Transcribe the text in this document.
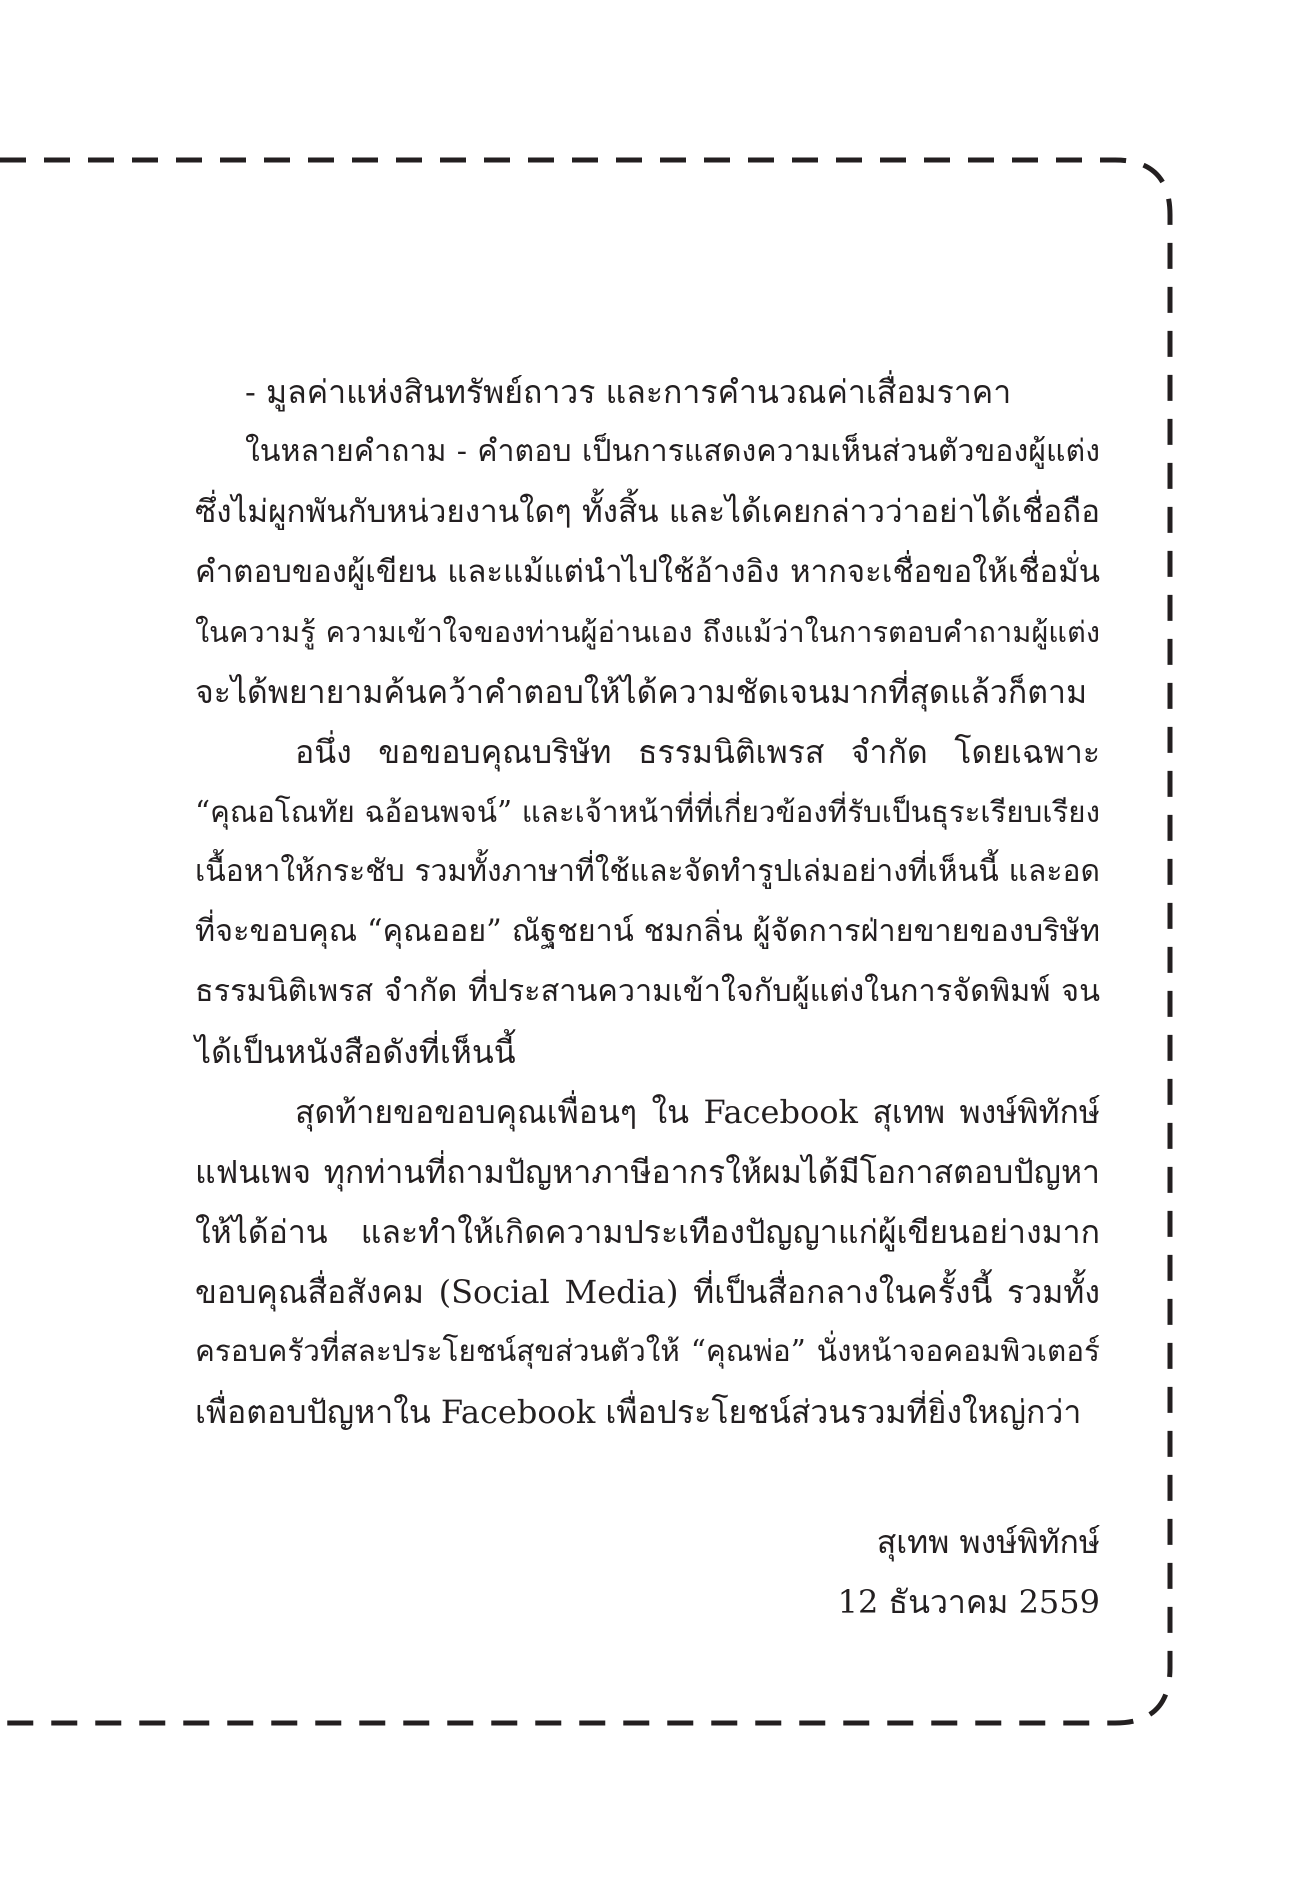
- มูลค่าแห่งสินทรัพย์ถาวร และการคำนวณค่าเสื่อมราคา
ในหลายคำถาม - คำตอบ เป็นการแสดงความเห็นส่วนตัวของผู้แต่ง
ซึ่งไม่ผูกพันกับหน่วยงานใดๆ ทั้งสิ้น และได้เคยกล่าวว่าอย่าได้เชื่อถือ
คำตอบของผู้เขียน และแม้แต่นำไปใช้อ้างอิง หากจะเชื่อขอให้เชื่อมั่น
ในความรู้ ความเข้าใจของท่านผู้อ่านเอง ถึงแม้ว่าในการตอบคำถามผู้แต่ง
จะได้พยายามค้นคว้าคำตอบให้ได้ความชัดเจนมากที่สุดแล้วก็ตาม
อนึ่ง ขอขอบคุณบริษัท ธรรมนิติเพรส จำกัด โดยเฉพาะ
“คุณอโณทัย ฉอ้อนพจน์” และเจ้าหน้าที่ที่เกี่ยวข้องที่รับเป็นธุระเรียบเรียง
เนื้อหาให้กระชับ รวมทั้งภาษาที่ใช้และจัดทำรูปเล่มอย่างที่เห็นนี้ และอด
ที่จะขอบคุณ “คุณออย” ณัฐชยาน์ ชมกลิ่น ผู้จัดการฝ่ายขายของบริษัท
ธรรมนิติเพรส จำกัด ที่ประสานความเข้าใจกับผู้แต่งในการจัดพิมพ์ จน
ได้เป็นหนังสือดังที่เห็นนี้
สุดท้ายขอขอบคุณเพื่อนๆ ใน Facebook สุเทพ พงษ์พิทักษ์
แฟนเพจ ทุกท่านที่ถามปัญหาภาษีอากรให้ผมได้มีโอกาสตอบปัญหา
ให้ได้อ่าน และทำให้เกิดความประเทืองปัญญาแก่ผู้เขียนอย่างมาก
ขอบคุณสื่อสังคม (Social Media) ที่เป็นสื่อกลางในครั้งนี้ รวมทั้ง
ครอบครัวที่สละประโยชน์สุขส่วนตัวให้ “คุณพ่อ” นั่งหน้าจอคอมพิวเตอร์
เพื่อตอบปัญหาใน Facebook เพื่อประโยชน์ส่วนรวมที่ยิ่งใหญ่กว่า
สุเทพ พงษ์พิทักษ์
12 ธันวาคม 2559
